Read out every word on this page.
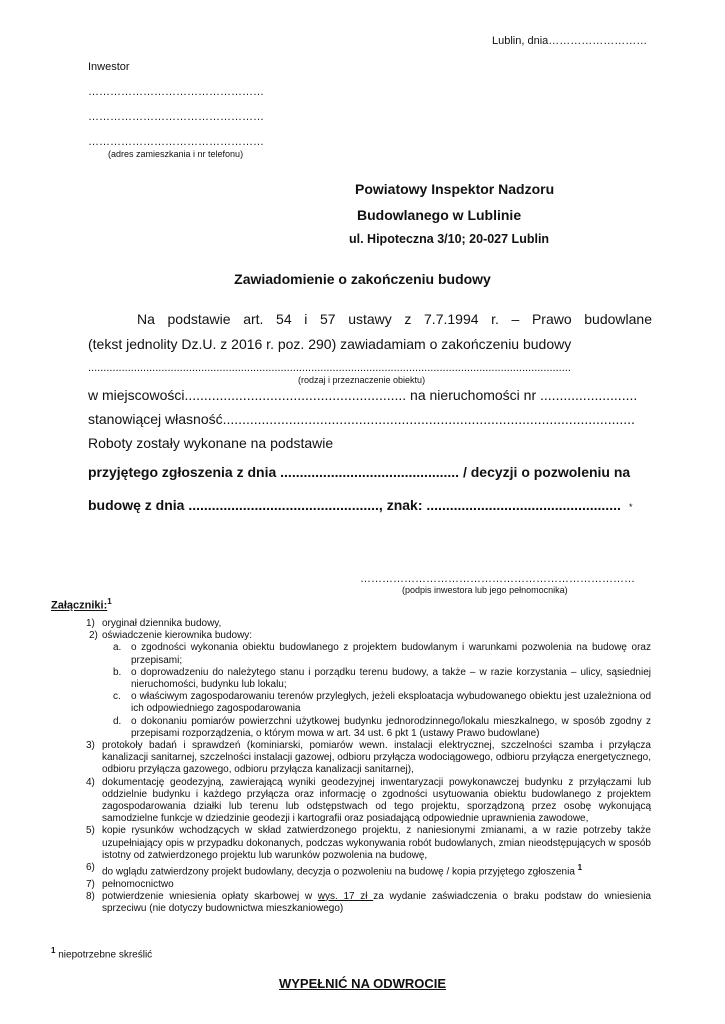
Lublin, dnia………………………
Inwestor
…………………………………………
…………………………………………
…………………………………………
(adres zamieszkania i nr telefonu)
Powiatowy Inspektor Nadzoru
Budowlanego w Lublinie
ul. Hipoteczna 3/10; 20-027 Lublin
Zawiadomienie o zakończeniu budowy
Na podstawie art. 54 i 57 ustawy z 7.7.1994 r. – Prawo budowlane
(tekst jednolity Dz.U. z 2016 r. poz. 290) zawiadamiam o zakończeniu budowy
..............................................................................................................................................................
(rodzaj i przeznaczenie obiektu)
w miejscowości......................................................... na nieruchomości nr .........................
stanowiącej własność..........................................................................................................
Roboty zostały wykonane na podstawie
przyjętego zgłoszenia z dnia .............................................. / decyzji o pozwoleniu na
budowę z dnia ................................................., znak: .................................................. *
…………………………………………………………………
(podpis inwestora lub jego pełnomocnika)
Załączniki:$^1$
1) oryginał dziennika budowy,
2) oświadczenie kierownika budowy:
a. o zgodności wykonania obiektu budowlanego z projektem budowlanym i warunkami pozwolenia na budowę oraz przepisami;
b. o doprowadzeniu do należytego stanu i porządku terenu budowy, a także – w razie korzystania – ulicy, sąsiedniej nieruchomości, budynku lub lokalu;
c. o właściwym zagospodarowaniu terenów przyległych, jeżeli eksploatacja wybudowanego obiektu jest uzależniona od ich odpowiedniego zagospodarowania
d. o dokonaniu pomiarów powierzchni użytkowej budynku jednorodzinnego/lokalu mieszkalnego, w sposób zgodny z przepisami rozporządzenia, o którym mowa w art. 34 ust. 6 pkt 1 (ustawy Prawo budowlane)
3) protokoły badań i sprawdzeń (kominiarski, pomiarów wewn. instalacji elektrycznej, szczelności szamba i przyłącza kanalizacji sanitarnej, szczelności instalacji gazowej, odbioru przyłącza wodociągowego, odbioru przyłącza energetycznego, odbioru przyłącza gazowego, odbioru przyłącza kanalizacji sanitarnej),
4) dokumentację geodezyjną, zawierającą wyniki geodezyjnej inwentaryzacji powykonawczej budynku z przyłączami lub oddzielnie budynku i każdego przyłącza oraz informację o zgodności usytuowania obiektu budowlanego z projektem zagospodarowania działki lub terenu lub odstępstwach od tego projektu, sporządzoną przez osobę wykonującą samodzielne funkcje w dziedzinie geodezji i kartografii oraz posiadającą odpowiednie uprawnienia zawodowe,
5) kopie rysunków wchodzących w skład zatwierdzonego projektu, z naniesionymi zmianami, a w razie potrzeby także uzupełniający opis w przypadku dokonanych, podczas wykonywania robót budowlanych, zmian nieodstępujących w sposób istotny od zatwierdzonego projektu lub warunków pozwolenia na budowę,
6) do wglądu zatwierdzony projekt budowlany, decyzja o pozwoleniu na budowę / kopia przyjętego zgłoszenia $^1$
7) pełnomocnictwo
8) potwierdzenie wniesienia opłaty skarbowej w wys. 17 zł za wydanie zaświadczenia o braku podstaw do wniesienia sprzeciwu (nie dotyczy budownictwa mieszkaniowego)
$^1$ niepotrzebne skreślić
WYPEŁNIĆ NA ODWROCIE
